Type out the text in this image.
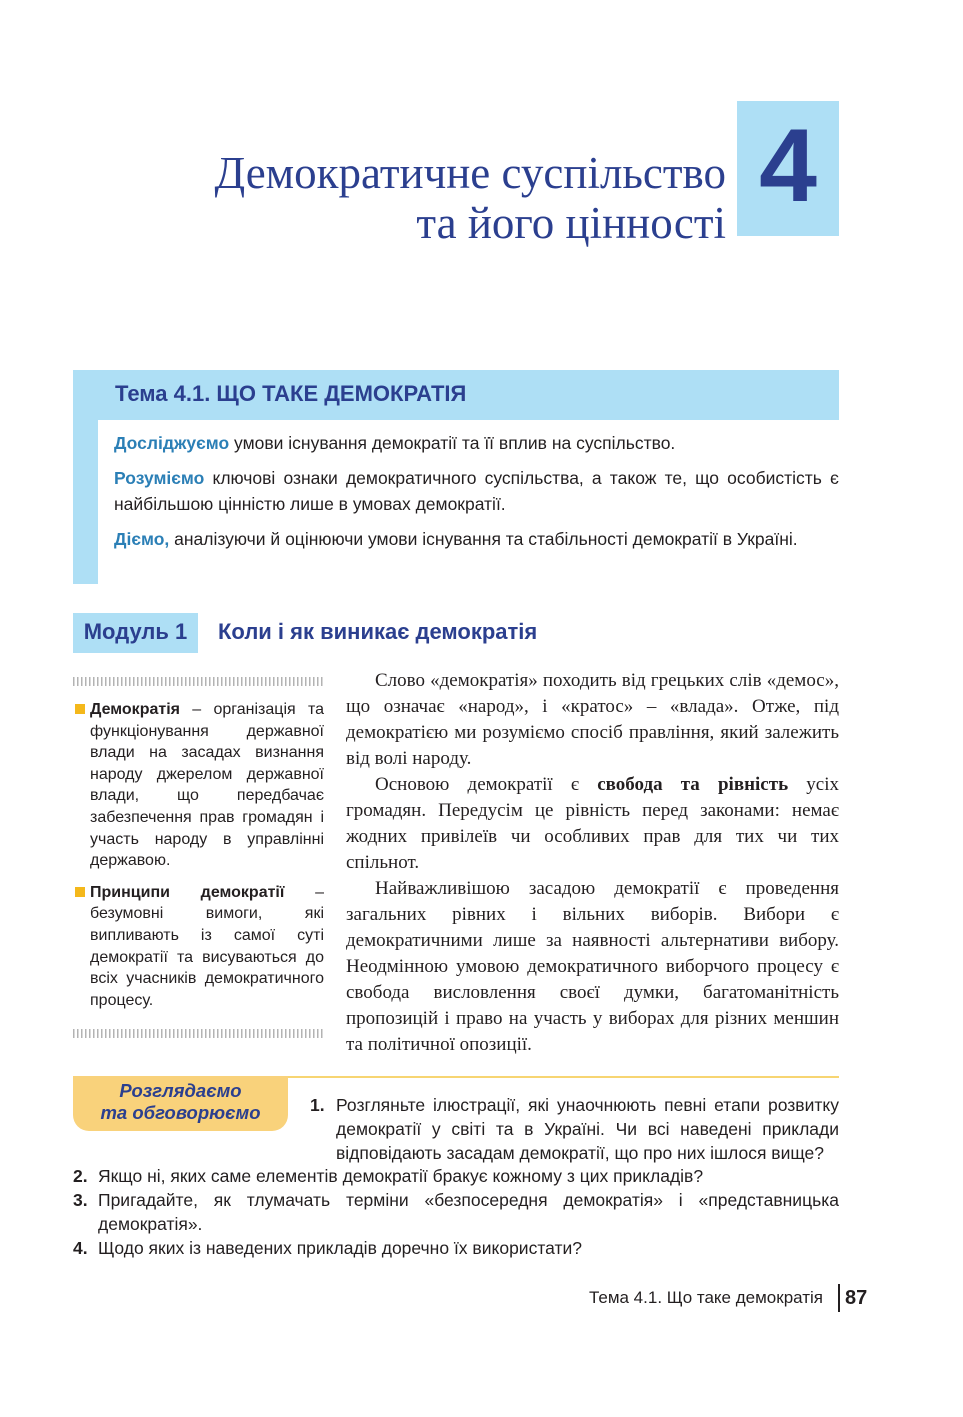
Демократичне суспільство
та його цінності 4
Тема 4.1. ЩО ТАКЕ ДЕМОКРАТІЯ

Досліджуємо умови існування демократії та її вплив на суспільство.

Розуміємо ключові ознаки демократичного суспільства, а також те, що особистість є найбільшою цінністю лише в умовах демократії.

Діємо, аналізуючи й оцінюючи умови існування та стабільності демократії в Україні.

Модуль 1	Коли і як виникає демократія
Демократія – організація та функціонування державної влади на засадах визнання народу джерелом державної влади, що передбачає забезпечення прав громадян і участь народу в управлінні державою.
Принципи демократії – безумовні вимоги, які випливають із самої суті демократії та висуваються до всіх учасників демократичного процесу.

Слово «демократія» походить від грецьких слів «демос», що означає «народ», і «кратос» – «влада». Отже, під демократією ми розуміємо спосіб правління, який залежить від волі народу.

Основою демократії є свобода та рівність усіх громадян. Передусім це рівність перед законами: немає жодних привілеїв чи особливих прав для тих чи тих спільнот.

Найважливішою засадою демократії є проведення загальних рівних і вільних виборів. Вибори є демократичними лише за наявності альтернативи вибору. Неодмінною умовою демократичного виборчого процесу є свобода висловлення своєї думки, багатоманітність пропозицій і право на участь у виборах для різних меншин та політичної опозиції.

Розглядаємо
та обговорюємо	1. Розгляньте ілюстрації, які унаочнюють певні етапи розвитку демократії у світі та в Україні. Чи всі наведені приклади відповідають засадам демократії, що про них ішлося вище?
2. Якщо ні, яких саме елементів демократії бракує кожному з цих прикладів?
3. Пригадайте, як тлумачать терміни «безпосередня демократія» і «представницька демократія».
4. Щодо яких із наведених прикладів доречно їх використати?
Тема 4.1. Що таке демократія 87
